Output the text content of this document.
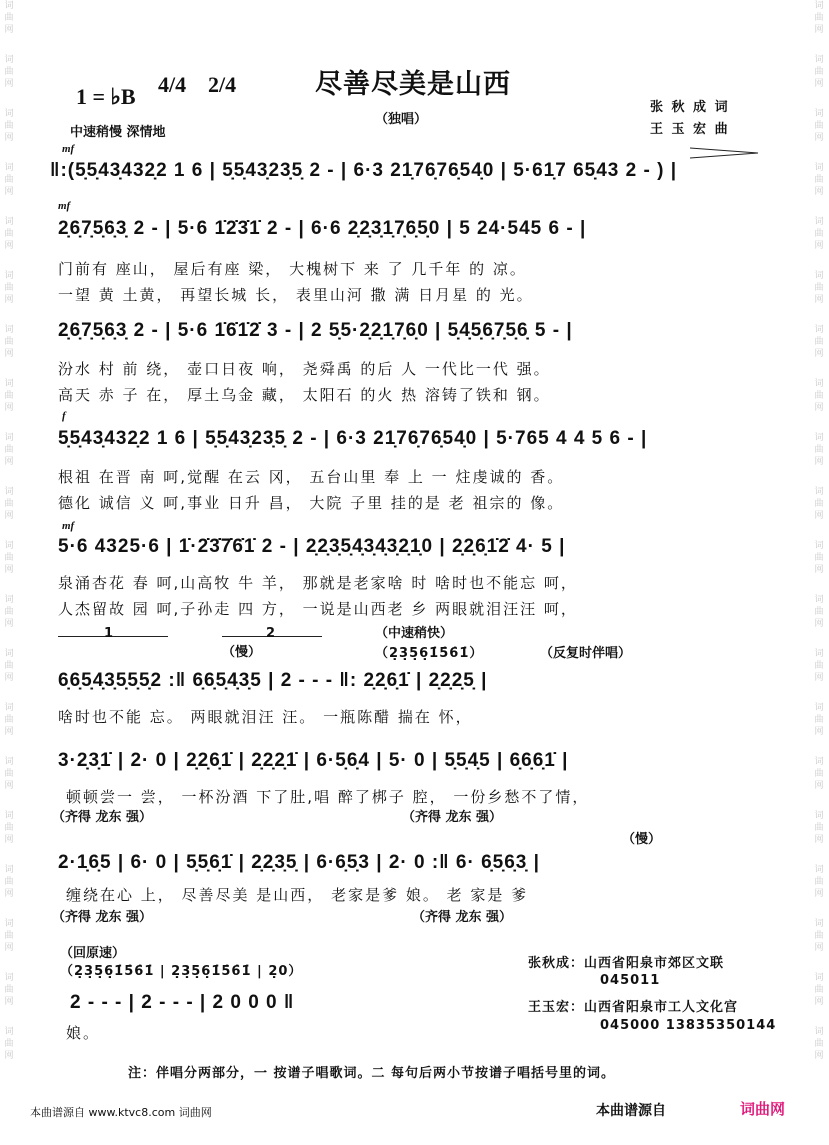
词曲网
词曲网
词曲网
词曲网
词曲网
词曲网
词曲网
词曲网
词曲网
词曲网
词曲网
词曲网
词曲网
词曲网
词曲网
词曲网
词曲网
词曲网
词曲网
词曲网
词曲网
词曲网
词曲网
词曲网
词曲网
词曲网
词曲网
词曲网
词曲网
词曲网
词曲网
词曲网
词曲网
词曲网
词曲网
词曲网
词曲网
词曲网
词曲网
词曲网
尽善尽美是山西
1 = ♭B 4/4 2/4
（独唱）
中速稍慢 深情地
张 秋 成 词
王 玉 宏 曲
mf
‖:(5̣5̣43̣432̣2 1 6 | 5̣5̣43̣23̣5̣ 2 - | 6·3 21̣76̣76̣54̣0 | 5·61̣7 65̣43 2 - ) |
mf
2̣6̣7̣5̣6̣3̣ 2 - | 5·6 1̇2̇3̇1̇ 2 - | 6·6 2̣2̣3̣1̣7̣6̣5̣0 | 5 24·545 6 - |
门前有 座山， 屋后有座 梁， 大槐树下 来 了 几千年 的 凉。
一望 黄 土黄， 再望长城 长， 表里山河 撒 满 日月星 的 光。
2̣6̣7̣5̣6̣3̣ 2 - | 5·6 1̇6̇1̇2̇ 3 - | 2 5̣5·2̣2̣1̣7̣6̣0 | 5̣4̣5̣6̣7̣5̣6̣ 5 - |
汾水 村 前 绕， 壶口日夜 响， 尧舜禹 的后 人 一代比一代 强。
高天 赤 子 在， 厚土乌金 藏， 太阳石 的火 热 溶铸了铁和 钢。
f
5̣5̣43̣432̣2 1 6 | 5̣5̣43̣23̣5̣ 2 - | 6·3 21̣76̣76̣54̣0 | 5·765 4 4 5 6 - |
根祖 在晋 南 呵,觉醒 在云 冈， 五台山里 奉 上 一 炷虔诚的 香。
德化 诚信 义 呵,事业 日升 昌， 大院 子里 挂的是 老 祖宗的 像。
mf
5·6 4325·6 | 1̇·2̇3̇7̇6̇1̇ 2 - | 2̣2̣3̣5̣4̣3̣4̣3̣2̣1̣0 | 2̣2̣6̣1̇2̇ 4· 5 |
泉涌杏花 春 呵,山高牧 牛 羊， 那就是老家啥 时 啥时也不能忘 呵，
人杰留故 园 呵,子孙走 四 方， 一说是山西老 乡 两眼就泪汪汪 呵，
1	2
（慢）
（中速稍快）
（2̣3̣5̣6̣1̇5̇6̇1̇）	（反复时伴唱）
6̣6̣5̣4̣3̣5̣5̣5̣2 :‖ 6̣6̣5̣4̣3̣5 | 2 - - - ‖: 2̣2̣6̣1̇ | 2̣2̣2̣5̣ |
啥时也不能 忘。 两眼就泪汪 汪。 一瓶陈醋 揣在 怀，
3·2̣3̣1̇ | 2· 0 | 2̣2̣6̣1̇ | 2̣2̣2̣1̇ | 6·5̣6̣4 | 5· 0 | 5̣5̣4̣5 | 6̣6̣6̣1̇ |
顿顿尝一 尝， 一杯汾酒 下了肚,唱 醉了梆子 腔， 一份乡愁不了情，
（齐得 龙东 强）	（齐得 龙东 强）
（慢）
2·1̣6̣5 | 6· 0 | 5̣5̣6̣1̇ | 2̣2̣3̣5̣ | 6·6̣5̣3 | 2· 0 :‖ 6· 6̣5̣6̣3̣ |
缠绕在心 上， 尽善尽美 是山西， 老家是爹 娘。 老 家是 爹
（齐得 龙东 强）	（齐得 龙东 强）
（回原速）
（2̣3̣5̣6̣1̇5̇6̇1̇ | 2̣3̣5̣6̣1̇5̇6̇1̇ | 2̣0）
2 - - - | 2 - - - | 2 0 0 0 ‖
娘。
张秋成：山西省阳泉市郊区文联
045011
王玉宏：山西省阳泉市工人文化宫
045000 13835350144
注：伴唱分两部分，一 按谱子唱歌词。二 每句后两小节按谱子唱括号里的词。
本曲谱源自 www.ktvc8.com 词曲网	本曲谱源自	词曲网
